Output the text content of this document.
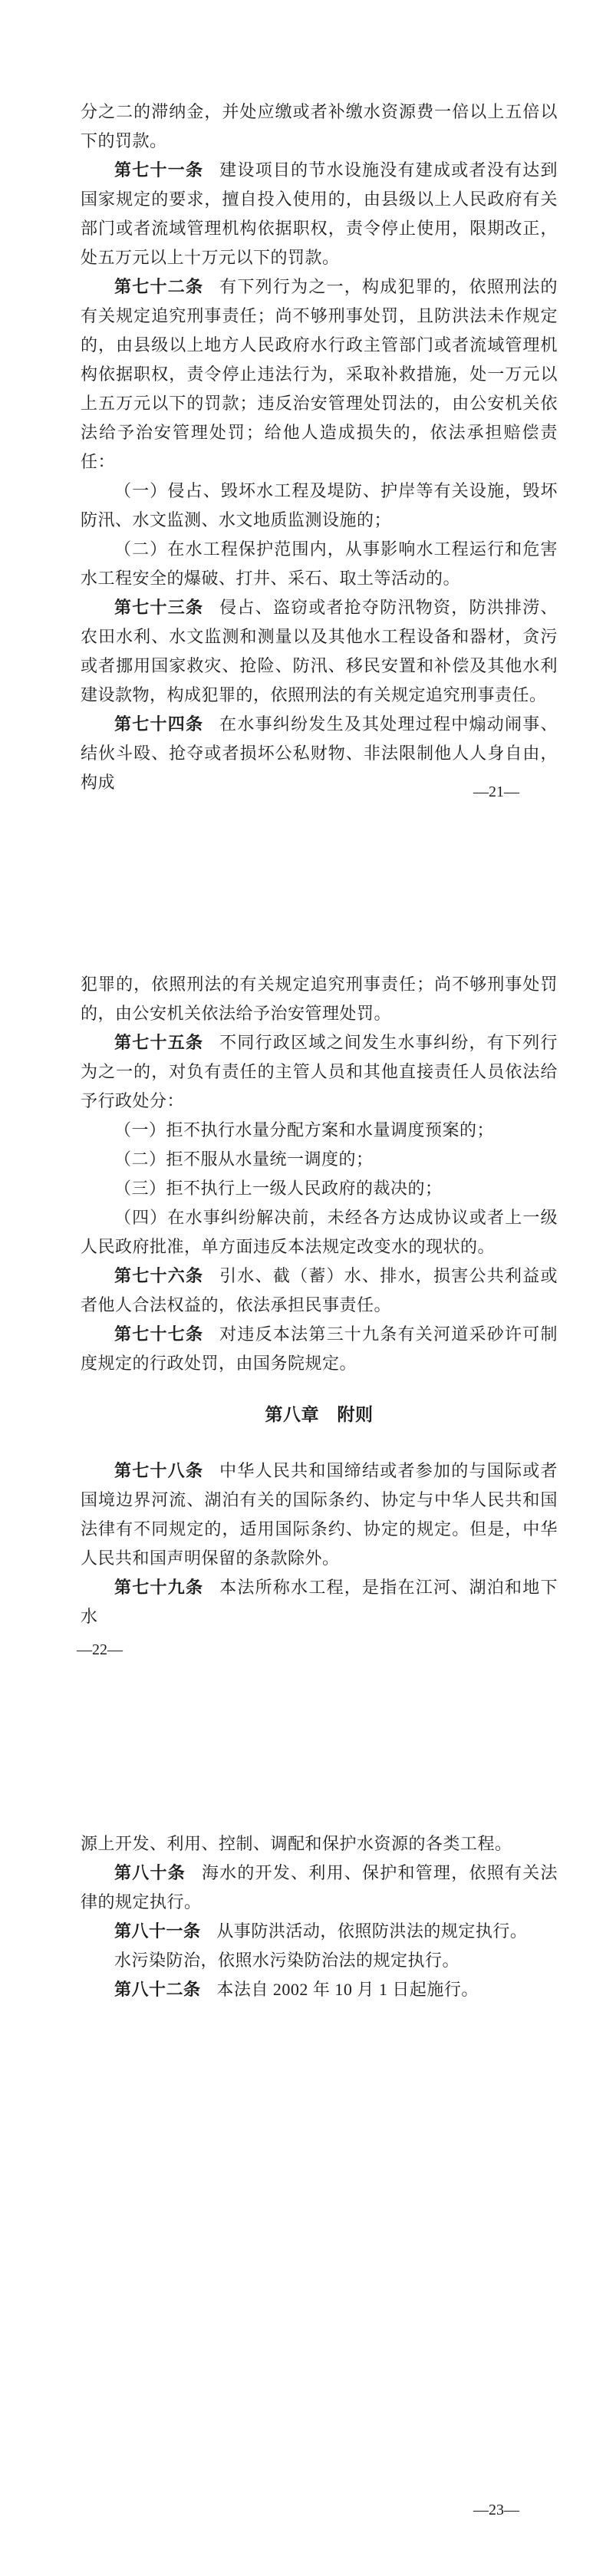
分之二的滞纳金，并处应缴或者补缴水资源费一倍以上五倍以下的罚款。

第七十一条 建设项目的节水设施没有建成或者没有达到国家规定的要求，擅自投入使用的，由县级以上人民政府有关部门或者流域管理机构依据职权，责令停止使用，限期改正，处五万元以上十万元以下的罚款。

第七十二条 有下列行为之一，构成犯罪的，依照刑法的有关规定追究刑事责任；尚不够刑事处罚，且防洪法未作规定的，由县级以上地方人民政府水行政主管部门或者流域管理机构依据职权，责令停止违法行为，采取补救措施，处一万元以上五万元以下的罚款；违反治安管理处罚法的，由公安机关依法给予治安管理处罚；给他人造成损失的，依法承担赔偿责任：

（一）侵占、毁坏水工程及堤防、护岸等有关设施，毁坏防汛、水文监测、水文地质监测设施的；

（二）在水工程保护范围内，从事影响水工程运行和危害水工程安全的爆破、打井、采石、取土等活动的。

第七十三条 侵占、盗窃或者抢夺防汛物资，防洪排涝、农田水利、水文监测和测量以及其他水工程设备和器材，贪污或者挪用国家救灾、抢险、防汛、移民安置和补偿及其他水利建设款物，构成犯罪的，依照刑法的有关规定追究刑事责任。

第七十四条 在水事纠纷发生及其处理过程中煽动闹事、结伙斗殴、抢夺或者损坏公私财物、非法限制他人人身自由，构成	—21—

犯罪的，依照刑法的有关规定追究刑事责任；尚不够刑事处罚的，由公安机关依法给予治安管理处罚。

第七十五条 不同行政区域之间发生水事纠纷，有下列行为之一的，对负有责任的主管人员和其他直接责任人员依法给予行政处分：

（一）拒不执行水量分配方案和水量调度预案的；

（二）拒不服从水量统一调度的；

（三）拒不执行上一级人民政府的裁决的；

（四）在水事纠纷解决前，未经各方达成协议或者上一级人民政府批准，单方面违反本法规定改变水的现状的。

第七十六条 引水、截（蓄）水、排水，损害公共利益或者他人合法权益的，依法承担民事责任。

第七十七条 对违反本法第三十九条有关河道采砂许可制度规定的行政处罚，由国务院规定。

第八章　附则

第七十八条 中华人民共和国缔结或者参加的与国际或者国境边界河流、湖泊有关的国际条约、协定与中华人民共和国法律有不同规定的，适用国际条约、协定的规定。但是，中华人民共和国声明保留的条款除外。

第七十九条 本法所称水工程，是指在江河、湖泊和地下水

—22—

源上开发、利用、控制、调配和保护水资源的各类工程。

第八十条 海水的开发、利用、保护和管理，依照有关法律的规定执行。

第八十一条 从事防洪活动，依照防洪法的规定执行。

水污染防治，依照水污染防治法的规定执行。

第八十二条 本法自 2002 年 10 月 1 日起施行。

—23—
